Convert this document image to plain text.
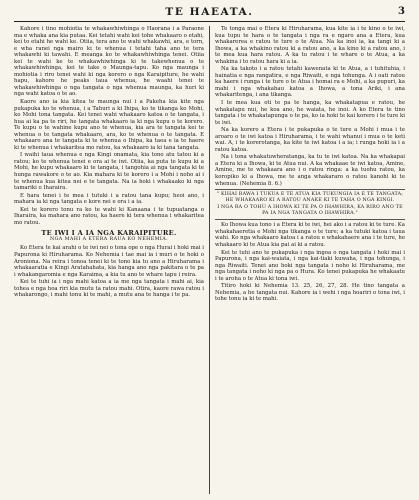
TE HAEATA.	3

Kahore i tino mohiotia te whakawhiwhinga o Haorana i a Paraone ma e whaka ana kia putaa. Kei tetahi wahi kei tohe whakaaro o etahi, kei to etahi he wahi ke. Otiia, tera ano te wahi whakawhi, ara, e torn, e wha ranei nga mairo ki te whenua i tetahi taha ano te tera whakawhi ki tawahi. E meanga ko te whakawhiwhinga tenei. Otiia kei te wahi ke te whakawhiwhinga ki te takewhenua o te whakawhiwhinga, kei te take o Maunga-tapu. Ko nga maunga i mohiotia i riro tenei wahi ki nga korero o nga Karaipiture, he wahi hapu, kahore he peaks taua whenua, he waahi tenei te whakawhiwhinga o nga tangata o nga whenua maunga, ka huri ki nga wahi katoa o te ao.

Kaore ano ia kia kitea te maunga nui i a Pakeha kia kite nga pukapuka ko te whenua, i a Tahuri a ki Ihipa, ko te tikanga ko Mohi, ko Mohi tona tangata. Kei tenei wahi whakaaro katoa o te tangata, i hua ai ka pa te riri, he tangata whakaaro ia ki nga kupu o te korero. Te kupu o te wahine kupu ano te whenua, kia ara te tangata kei te whenua o te tangata whakaaro, ara, ko te whenua o te tangata. E whakaaro ana te tangata ki te whenua o Ihipa, ka taea e ia te haere ki te whenua i whakaritea mo ratou, ka whakaaro ia ki tana tangata.

I waihi taua whenua e nga Kingi onamata, kia tono atu tatou ki a ratou; ko te whenua tenei e ora ai te iwi. Otiia, ka puta te kupu ki a Mohi, he kupu whakaaro ki te tangata, i tangohia ai nga tangata ki te hunga rawakore o te ao. Kia mahara ki te korero i a Mohi i noho ai i te whenua kua kitea nei e te tangata. Na ia hoki i whakaako ki nga tamariki o Iharaira.

E hara tenei i te mea i tutuki i a ratou tana kupu; heoi ano, i mahara ia ki nga tangata e kore nei e ora i a ia.

Kei te korero tonu ra ko te wahi ki Kanaana i te tupuatanga o Iharaira, ka mahara ano ratou, ka haere ki tera whenua i whakaritea mo ratou.

TE IWI I A IA NGA KARAIPITURE.
NGA MAHI A ETERA RAUA KO NEHEMIA.

Ko Etera te kai arahi o te iwi nei o tona ope o nga Hurai i hoki mai i Papurona ki Hiruharama. Ko Nehemia i tae mai ia i muri o te hoki o Aroniona. Na reira i tonoa tenei ki te tono kia tu ano a Hiruharama i whakaaratia e Kingi Aratahahata, kia hanga ano nga pakitara o te pa i whakangaromia e nga Karaima, a kia tu ano te whare tapu i reira.

Kei te tuhi ia i nga mahi katoa a ia me nga tangata i mahi ai, kia tohea e nga hoa riri kia mutu ta ratou mahi. Otira, kaore rawa ratou i whakarongo, i mahi tonu ki te mahi, a mutu ana te hanga i te pa.

Te tonga mai o Etera ki Hiruharama, kua kite ia i te kino o te iwi, kua tupu te hara o te tangata i nga ra e ngaro ana a Etera, kua whakarerea e ratou te ture o te Atua. Na ka inoi ia, ka tangi ki a Ihowa, a ka whakino ratou ki a ratou ano, a ka kino ki a ratou ano, i te mea kua hara ratou. A ka tu ratou i te whare o te Atua, a ka whakina i to ratou hara ki a ia.

Na ka takoto i a ratou tetahi kawenata ki te Atua, a i tuhituhia, i hainatia e nga rangatira, e nga Riwaiti, e nga tohunga. A i oati ratou ka haere i runga i te ture o te Atua i homai ra e Mohi, a ka pupuri, ka mahi i nga whakahau katoa a Ihowa, a tona Ariki, i ana whakaritenga, i ana tikanga.

I te mea kua oti te pa te hanga, ka whakatapua e ratou, he whakatapu nui, he koa ano, he waiata, he inoi. A ko Etera te tino tangata i te whakatapunga o te pa, ko ia hoki te kai korero i te ture ki te iwi.

Na ka korero a Etera i te pukapuka o te ture a Mohi i mua i te aroaro o te iwi katoa i Hiruharama, i te wahi whanui i mua o te keti wai. A, i te korerotanga, ka kite te iwi katoa i a ia; i runga hoki ia i a ratou katoa.

Na i tona whakatuwheratanga, ka tu te iwi katoa. Na ka whakapai a Etera ki a Ihowa, ki te Atua nui. A ka whakaae te iwi katoa, Amine, Amine, me te whakaara ano i o ratou ringa: a ka tuohu ratou, ka koropiko ki a Ihowa, me te anga whakararo o ratou kanohi ki te whenua. (Nehemia 8. 6.)

" KIHAI RAWA I TUKUA E TE ATUA KIA TUKUNGIA IA E TE TANGATA; HE WHAKAARO KI A RATOU ANAKE KI TE TAHA O NGA KINGI.

I NGA RA O TOHU A IHOWA KI TE PA O IHAWHIRA, KA RIRO ANO TE PA IA NGA TANGATA O IHAWHIRA."

Ko Ihowa kua tono i a Etera ki te iwi, hei ako i a ratou ki te ture. Ka whakahaeretia e Mohi nga tikanga o te ture; a ka tutuki katoa i taua wahi. Ko nga whakaaro katoa i a ratou e whakahaere ana i te ture, he whakaaro ki te Atua kia pai ai ki a ratou.

Kei te tuhi ano te pukapuka i nga ingoa o nga tangata i hoki mai i Papurona, i nga kai-waiata, i nga kai-tiaki kuwaha, i nga tohunga, i nga Riwaiti. Tenei ano hoki nga tangata i noho ki Hiruharama, me nga tangata i noho ki nga pa o Hura. Ko tenei pukapuka he whakaatu i te aroha o te Atua ki tona iwi.

Titiro hoki ki Nehemia 13. 25, 26, 27, 28. He tino tangata a Nehemia, a he tangata nui. Kahore ia i wehi i nga hoariri o tona iwi, i tohe tonu ia ki te mahi.
